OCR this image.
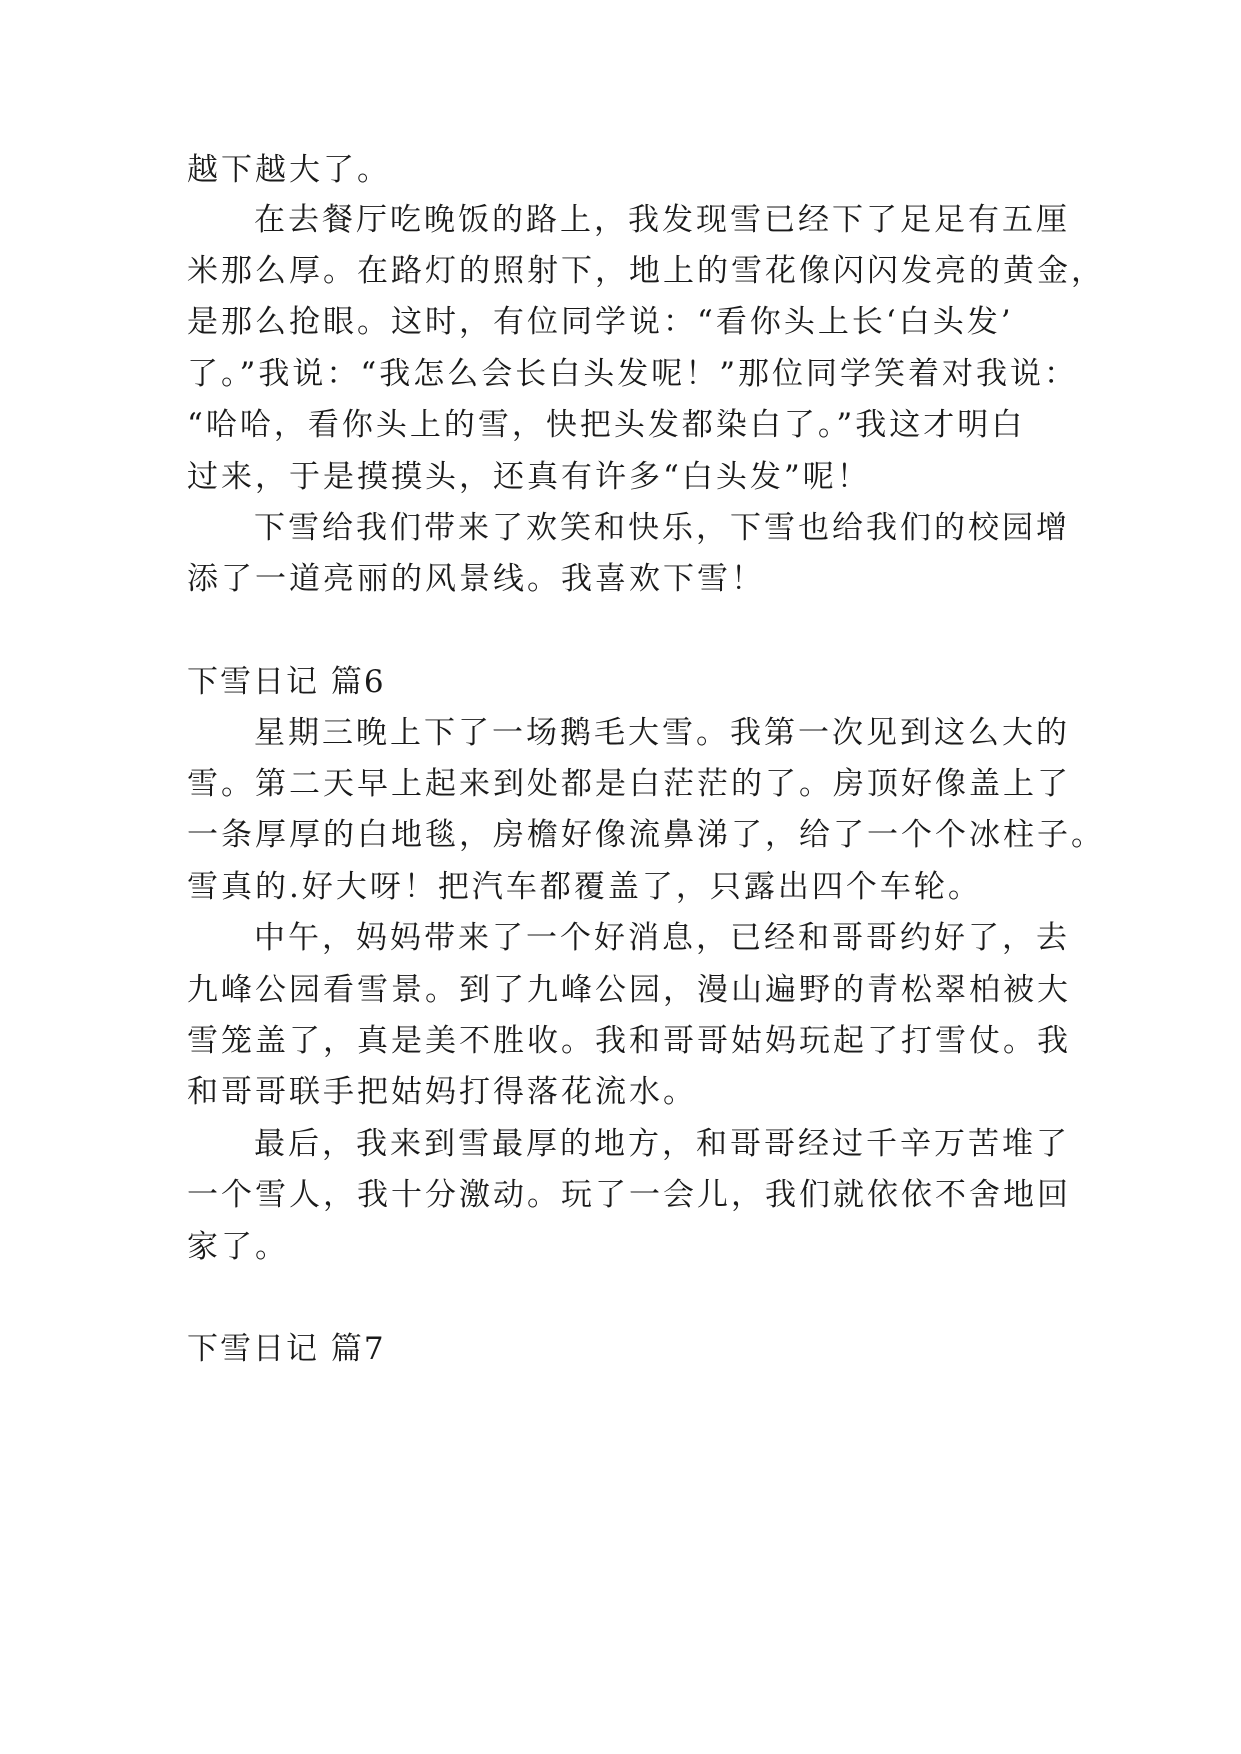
越下越大了。
在去餐厅吃晚饭的路上，我发现雪已经下了足足有五厘
米那么厚。在路灯的照射下，地上的雪花像闪闪发亮的黄金，
是那么抢眼。这时，有位同学说：“看你头上长‘白头发’
了。”我说：“我怎么会长白头发呢！”那位同学笑着对我说：
“哈哈，看你头上的雪，快把头发都染白了。”我这才明白
过来，于是摸摸头，还真有许多“白头发”呢！
下雪给我们带来了欢笑和快乐，下雪也给我们的校园增
添了一道亮丽的风景线。我喜欢下雪！
下雪日记 篇6
星期三晚上下了一场鹅毛大雪。我第一次见到这么大的
雪。第二天早上起来到处都是白茫茫的了。房顶好像盖上了
一条厚厚的白地毯，房檐好像流鼻涕了，给了一个个冰柱子。
雪真的.好大呀！把汽车都覆盖了，只露出四个车轮。
中午，妈妈带来了一个好消息，已经和哥哥约好了，去
九峰公园看雪景。到了九峰公园，漫山遍野的青松翠柏被大
雪笼盖了，真是美不胜收。我和哥哥姑妈玩起了打雪仗。我
和哥哥联手把姑妈打得落花流水。
最后，我来到雪最厚的地方，和哥哥经过千辛万苦堆了
一个雪人，我十分激动。玩了一会儿，我们就依依不舍地回
家了。
下雪日记 篇7
